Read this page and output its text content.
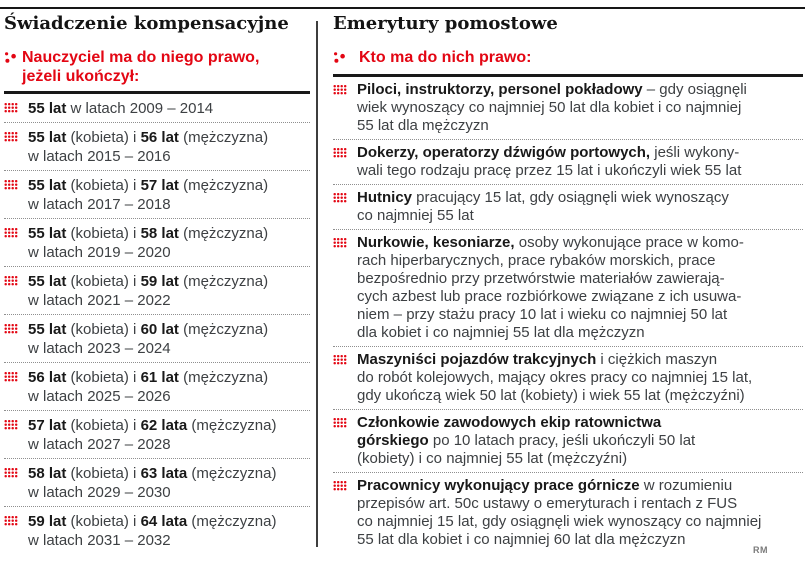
Świadczenie kompensacyjne
Nauczyciel ma do niego prawo,
jeżeli ukończył:
55 lat w latach 2009 – 2014
55 lat (kobieta) i 56 lat (mężczyzna)
w latach 2015 – 2016
55 lat (kobieta) i 57 lat (mężczyzna)
w latach 2017 – 2018
55 lat (kobieta) i 58 lat (mężczyzna)
w latach 2019 – 2020
55 lat (kobieta) i 59 lat (mężczyzna)
w latach 2021 – 2022
55 lat (kobieta) i 60 lat (mężczyzna)
w latach 2023 – 2024
56 lat (kobieta) i 61 lat (mężczyzna)
w latach 2025 – 2026
57 lat (kobieta) i 62 lata (mężczyzna)
w latach 2027 – 2028
58 lat (kobieta) i 63 lata (mężczyzna)
w latach 2029 – 2030
59 lat (kobieta) i 64 lata (mężczyzna)
w latach 2031 – 2032
Emerytury pomostowe
Kto ma do nich prawo:
Piloci, instruktorzy, personel pokładowy – gdy osiągnęli
wiek wynoszący co najmniej 50 lat dla kobiet i co najmniej
55 lat dla mężczyzn
Dokerzy, operatorzy dźwigów portowych, jeśli wykony-
wali tego rodzaju pracę przez 15 lat i ukończyli wiek 55 lat
Hutnicy pracujący 15 lat, gdy osiągnęli wiek wynoszący
co najmniej 55 lat
Nurkowie, kesoniarze, osoby wykonujące prace w komo-
rach hiperbarycznych, prace rybaków morskich, prace
bezpośrednio przy przetwórstwie materiałów zawierają-
cych azbest lub prace rozbiórkowe związane z ich usuwa-
niem – przy stażu pracy 10 lat i wieku co najmniej 50 lat
dla kobiet i co najmniej 55 lat dla mężczyzn
Maszyniści pojazdów trakcyjnych i ciężkich maszyn
do robót kolejowych, mający okres pracy co najmniej 15 lat,
gdy ukończą wiek 50 lat (kobiety) i wiek 55 lat (mężczyźni)
Członkowie zawodowych ekip ratownictwa
górskiego po 10 latach pracy, jeśli ukończyli 50 lat
(kobiety) i co najmniej 55 lat (mężczyźni)
Pracownicy wykonujący prace górnicze w rozumieniu
przepisów art. 50c ustawy o emeryturach i rentach z FUS
co najmniej 15 lat, gdy osiągnęli wiek wynoszący co najmniej
55 lat dla kobiet i co najmniej 60 lat dla mężczyzn
RM
